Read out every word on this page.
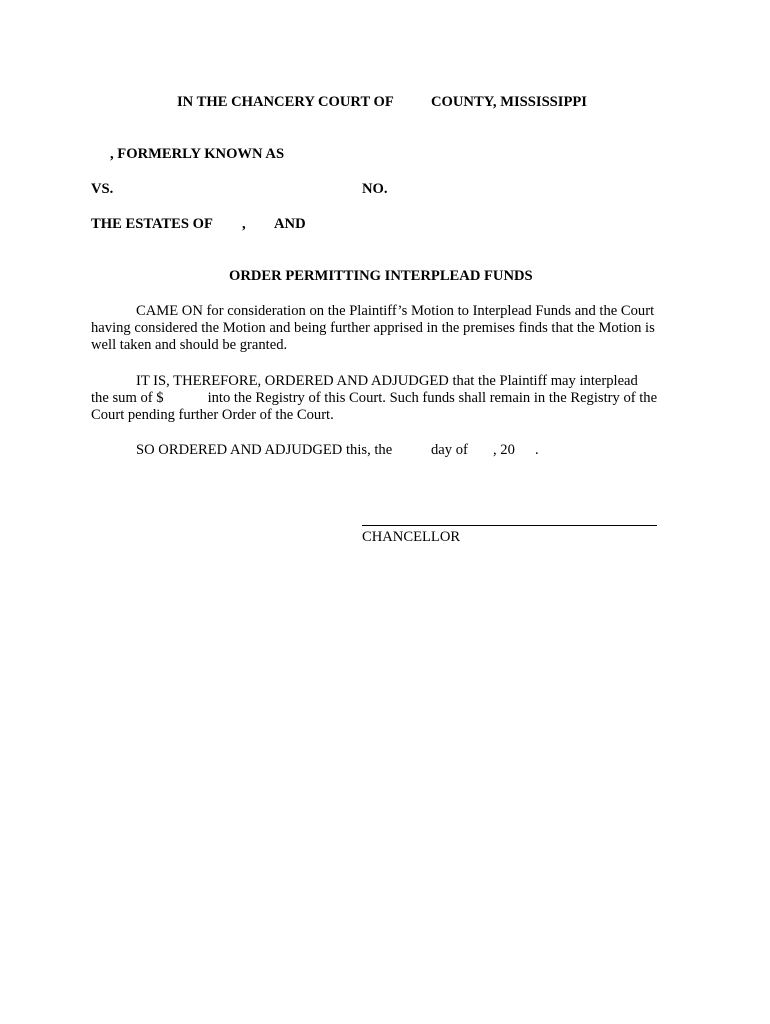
IN THE CHANCERY COURT OF	COUNTY, MISSISSIPPI
, FORMERLY KNOWN AS
VS.	NO.
THE ESTATES OF , AND
ORDER PERMITTING INTERPLEAD FUNDS
CAME ON for consideration on the Plaintiff’s Motion to Interplead Funds and the Court having considered the Motion and being further apprised in the premises finds that the Motion is well taken and should be granted.
IT IS, THEREFORE, ORDERED AND ADJUDGED that the Plaintiff may interplead
the sum of $	into the Registry of this Court. Such funds shall remain in the Registry of the Court pending further Order of the Court.
SO ORDERED AND ADJUDGED this, the	day of , 20 .
CHANCELLOR
